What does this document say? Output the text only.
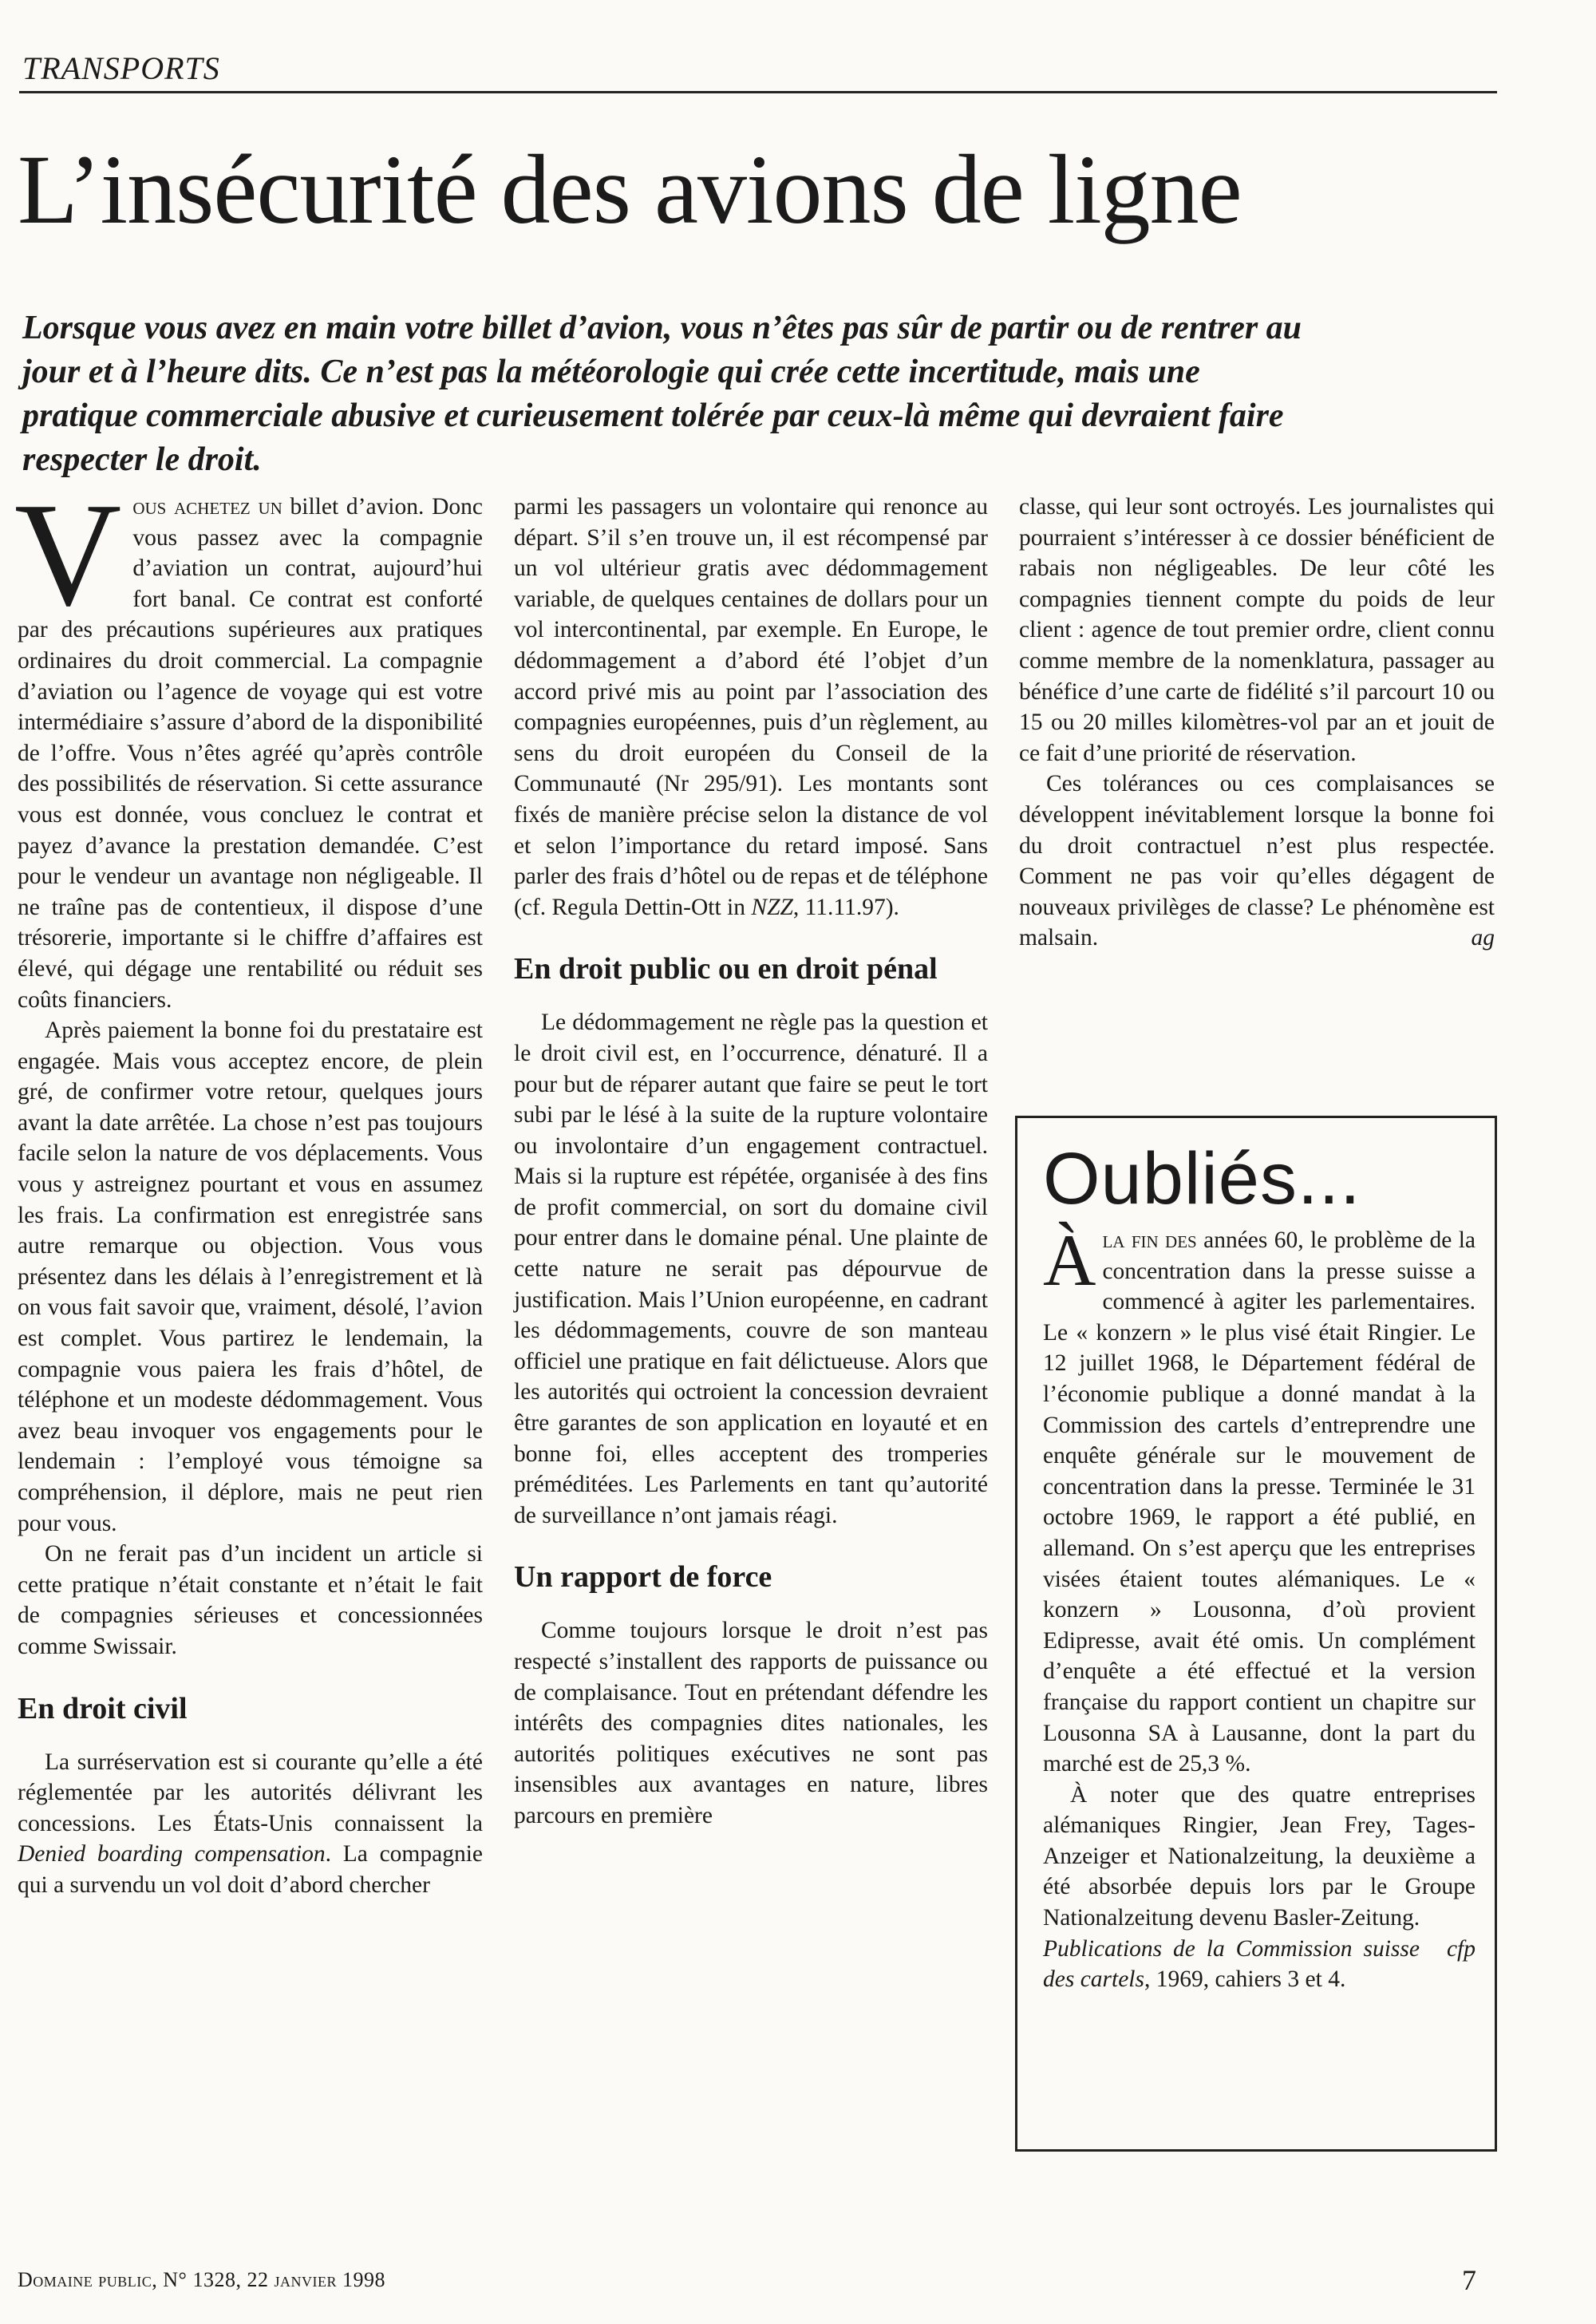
TRANSPORTS
L’insécurité des avions de ligne

Lorsque vous avez en main votre billet d’avion, vous n’êtes pas sûr de partir ou de rentrer au jour et à l’heure dits. Ce n’est pas la météorologie qui crée cette incertitude, mais une pratique commerciale abusive et curieusement tolérée par ceux-là même qui devraient faire respecter le droit.

Vous achetez un billet d’avion. Donc vous passez avec la compagnie d’aviation un contrat, aujourd’hui fort banal. Ce contrat est conforté par des précautions supérieures aux pratiques ordinaires du droit commercial. La compagnie d’aviation ou l’agence de voyage qui est votre intermédiaire s’assure d’abord de la disponibilité de l’offre. Vous n’êtes agréé qu’après contrôle des possibilités de réservation. Si cette assurance vous est donnée, vous concluez le contrat et payez d’avance la prestation demandée. C’est pour le vendeur un avantage non négligeable. Il ne traîne pas de contentieux, il dispose d’une trésorerie, importante si le chiffre d’affaires est élevé, qui dégage une rentabilité ou réduit ses coûts financiers.

Après paiement la bonne foi du prestataire est engagée. Mais vous acceptez encore, de plein gré, de confirmer votre retour, quelques jours avant la date arrêtée. La chose n’est pas toujours facile selon la nature de vos déplacements. Vous vous y astreignez pourtant et vous en assumez les frais. La confirmation est enregistrée sans autre remarque ou objection. Vous vous présentez dans les délais à l’enregistrement et là on vous fait savoir que, vraiment, désolé, l’avion est complet. Vous partirez le lendemain, la compagnie vous paiera les frais d’hôtel, de téléphone et un modeste dédommagement. Vous avez beau invoquer vos engagements pour le lendemain : l’employé vous témoigne sa compréhension, il déplore, mais ne peut rien pour vous.

On ne ferait pas d’un incident un article si cette pratique n’était constante et n’était le fait de compagnies sérieuses et concessionnées comme Swissair.

En droit civil

La surréservation est si courante qu’elle a été réglementée par les autorités délivrant les concessions. Les États-Unis connaissent la Denied boarding compensation. La compagnie qui a survendu un vol doit d’abord chercher

parmi les passagers un volontaire qui renonce au départ. S’il s’en trouve un, il est récompensé par un vol ultérieur gratis avec dédommagement variable, de quelques centaines de dollars pour un vol intercontinental, par exemple. En Europe, le dédommagement a d’abord été l’objet d’un accord privé mis au point par l’association des compagnies européennes, puis d’un règlement, au sens du droit européen du Conseil de la Communauté (Nr 295/91). Les montants sont fixés de manière précise selon la distance de vol et selon l’importance du retard imposé. Sans parler des frais d’hôtel ou de repas et de téléphone (cf. Regula Dettin-Ott in NZZ, 11.11.97).

En droit public ou en droit pénal

Le dédommagement ne règle pas la question et le droit civil est, en l’occurrence, dénaturé. Il a pour but de réparer autant que faire se peut le tort subi par le lésé à la suite de la rupture volontaire ou involontaire d’un engagement contractuel. Mais si la rupture est répétée, organisée à des fins de profit commercial, on sort du domaine civil pour entrer dans le domaine pénal. Une plainte de cette nature ne serait pas dépourvue de justification. Mais l’Union européenne, en cadrant les dédommagements, couvre de son manteau officiel une pratique en fait délictueuse. Alors que les autorités qui octroient la concession devraient être garantes de son application en loyauté et en bonne foi, elles acceptent des tromperies préméditées. Les Parlements en tant qu’autorité de surveillance n’ont jamais réagi.

Un rapport de force

Comme toujours lorsque le droit n’est pas respecté s’installent des rapports de puissance ou de complaisance. Tout en prétendant défendre les intérêts des compagnies dites nationales, les autorités politiques exécutives ne sont pas insensibles aux avantages en nature, libres parcours en première

classe, qui leur sont octroyés. Les journalistes qui pourraient s’intéresser à ce dossier bénéficient de rabais non négligeables. De leur côté les compagnies tiennent compte du poids de leur client : agence de tout premier ordre, client connu comme membre de la nomenklatura, passager au bénéfice d’une carte de fidélité s’il parcourt 10 ou 15 ou 20 milles kilomètres-vol par an et jouit de ce fait d’une priorité de réservation.

Ces tolérances ou ces complaisances se développent inévitablement lorsque la bonne foi du droit contractuel n’est plus respectée. Comment ne pas voir qu’elles dégagent de nouveaux privilèges de classe? Le phénomène est malsain.	ag

Oubliés...

Àla fin des années 60, le problème de la concentration dans la presse suisse a commencé à agiter les parlementaires. Le « konzern » le plus visé était Ringier. Le 12 juillet 1968, le Département fédéral de l’économie publique a donné mandat à la Commission des cartels d’entreprendre une enquête générale sur le mouvement de concentration dans la presse. Terminée le 31 octobre 1969, le rapport a été publié, en allemand. On s’est aperçu que les entreprises visées étaient toutes alémaniques. Le « konzern » Lousonna, d’où provient Edipresse, avait été omis. Un complément d’enquête a été effectué et la version française du rapport contient un chapitre sur Lousonna SA à Lausanne, dont la part du marché est de 25,3 %.

À noter que des quatre entreprises alémaniques Ringier, Jean Frey, Tages-Anzeiger et Nationalzeitung, la deuxième a été absorbée depuis lors par le Groupe Nationalzeitung devenu Basler-Zeitung.
cfp

Publications de la Commission suisse des cartels, 1969, cahiers 3 et 4.

Domaine public, N° 1328, 22 janvier 1998	7
